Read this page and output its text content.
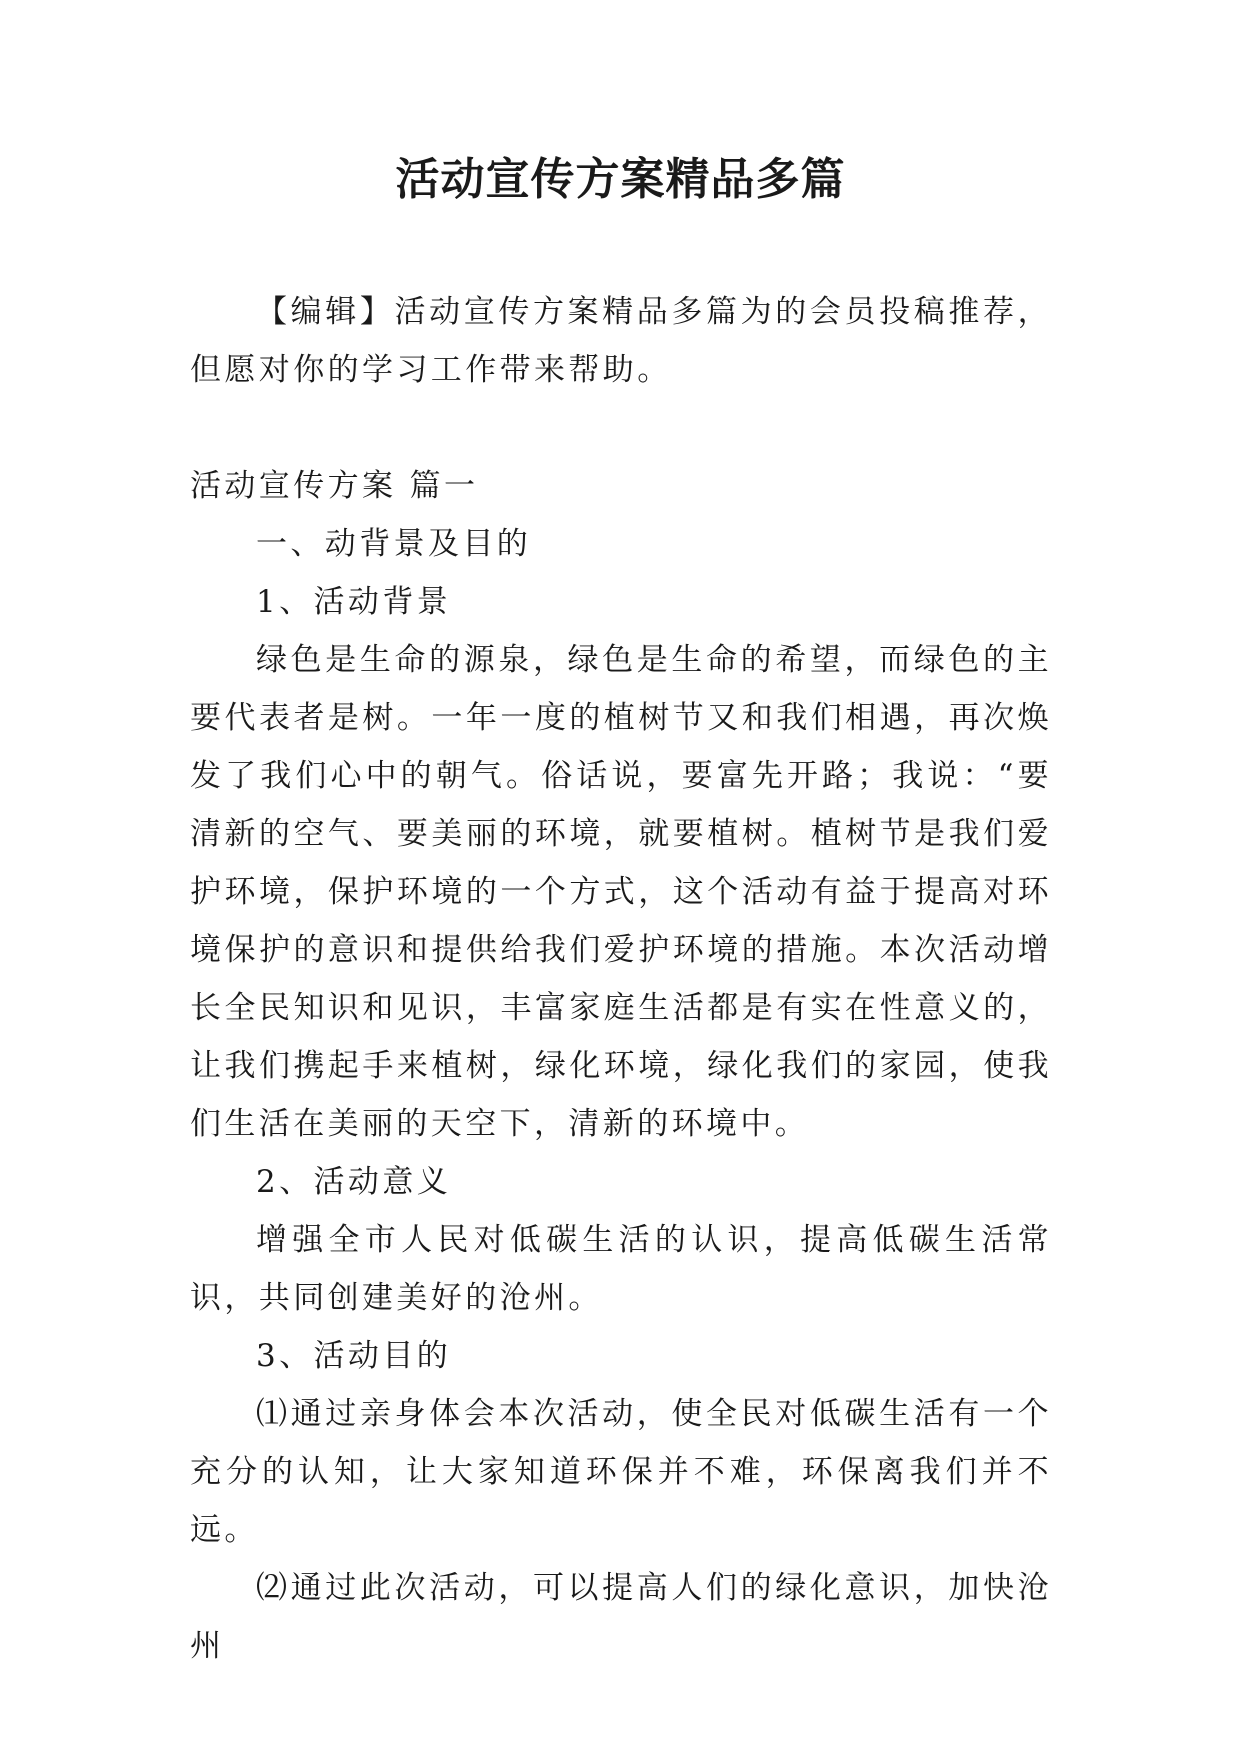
活动宣传方案精品多篇

【编辑】活动宣传方案精品多篇为的会员投稿推荐，但愿对你的学习工作带来帮助。

活动宣传方案 篇一

一、动背景及目的

1、活动背景

绿色是生命的源泉，绿色是生命的希望，而绿色的主要代表者是树。一年一度的植树节又和我们相遇，再次焕发了我们心中的朝气。俗话说，要富先开路；我说：“要清新的空气、要美丽的环境，就要植树。植树节是我们爱护环境，保护环境的一个方式，这个活动有益于提高对环境保护的意识和提供给我们爱护环境的措施。本次活动增长全民知识和见识，丰富家庭生活都是有实在性意义的，让我们携起手来植树，绿化环境，绿化我们的家园，使我们生活在美丽的天空下，清新的环境中。

2、活动意义

增强全市人民对低碳生活的认识，提高低碳生活常识，共同创建美好的沧州。

3、活动目的

⑴通过亲身体会本次活动，使全民对低碳生活有一个充分的认知，让大家知道环保并不难，环保离我们并不远。

⑵通过此次活动，可以提高人们的绿化意识，加快沧州
